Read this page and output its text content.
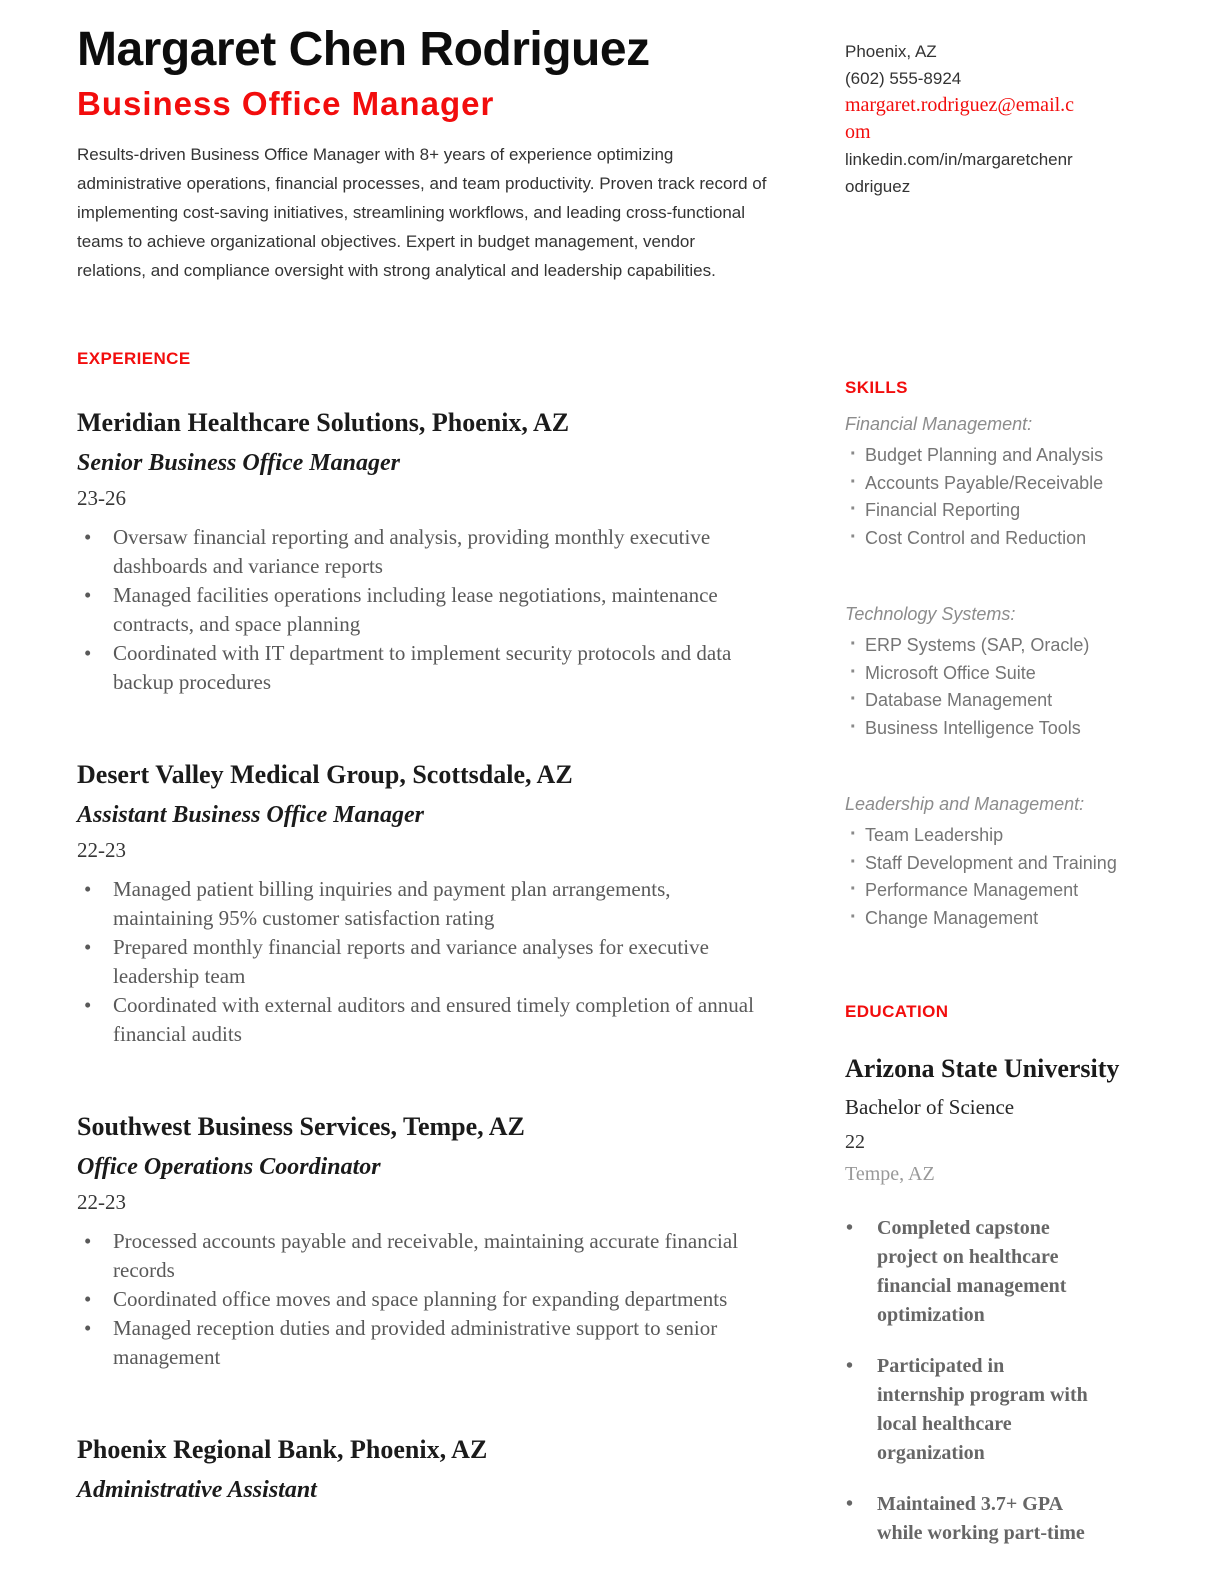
Margaret Chen Rodriguez
Business Office Manager

Results-driven Business Office Manager with 8+ years of experience optimizing administrative operations, financial processes, and team productivity. Proven track record of implementing cost-saving initiatives, streamlining workflows, and leading cross-functional teams to achieve organizational objectives. Expert in budget management, vendor relations, and compliance oversight with strong analytical and leadership capabilities.

EXPERIENCE
Meridian Healthcare Solutions, Phoenix, AZ
Senior Business Office Manager
23-26
• Oversaw financial reporting and analysis, providing monthly executive dashboards and variance reports
• Managed facilities operations including lease negotiations, maintenance contracts, and space planning
• Coordinated with IT department to implement security protocols and data backup procedures
Desert Valley Medical Group, Scottsdale, AZ
Assistant Business Office Manager
22-23
• Managed patient billing inquiries and payment plan arrangements, maintaining 95% customer satisfaction rating
• Prepared monthly financial reports and variance analyses for executive leadership team
• Coordinated with external auditors and ensured timely completion of annual financial audits
Southwest Business Services, Tempe, AZ
Office Operations Coordinator
22-23
• Processed accounts payable and receivable, maintaining accurate financial records
• Coordinated office moves and space planning for expanding departments
• Managed reception duties and provided administrative support to senior management
Phoenix Regional Bank, Phoenix, AZ
Administrative Assistant
Phoenix, AZ
(602) 555-8924
margaret.rodriguez@email.com
linkedin.com/in/margaretchenrodriguez
SKILLS
Financial Management:
· Budget Planning and Analysis
· Accounts Payable/Receivable
· Financial Reporting
· Cost Control and Reduction
Technology Systems:
· ERP Systems (SAP, Oracle)
· Microsoft Office Suite
· Database Management
· Business Intelligence Tools
Leadership and Management:
· Team Leadership
· Staff Development and Training
· Performance Management
· Change Management
EDUCATION
Arizona State University
Bachelor of Science
22
Tempe, AZ
• Completed capstone project on healthcare financial management optimization
• Participated in internship program with local healthcare organization
• Maintained 3.7+ GPA while working part-time
